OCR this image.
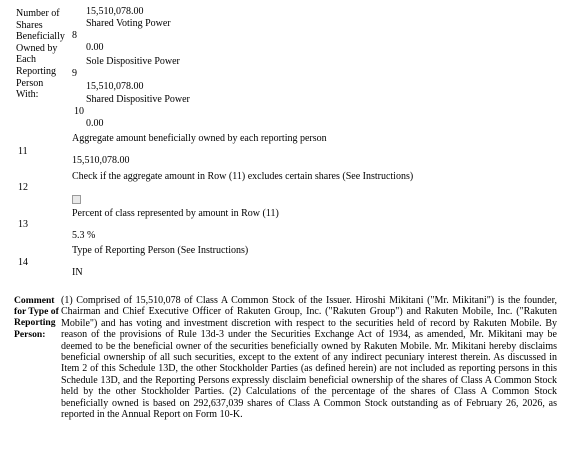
Number of
Shares
Beneficially
Owned by
Each
Reporting
Person
With:
15,510,078.00
Shared Voting Power
8
0.00
Sole Dispositive Power
9
15,510,078.00
Shared Dispositive Power
10
0.00
Aggregate amount beneficially owned by each reporting person
11
15,510,078.00
Check if the aggregate amount in Row (11) excludes certain shares (See Instructions)
12
Percent of class represented by amount in Row (11)
13
5.3 %
Type of Reporting Person (See Instructions)
14
IN
Comment for Type of Reporting Person:
(1) Comprised of 15,510,078 of Class A Common Stock of the Issuer. Hiroshi Mikitani ("Mr. Mikitani") is the founder, Chairman and Chief Executive Officer of Rakuten Group, Inc. ("Rakuten Group") and Rakuten Mobile, Inc. ("Rakuten Mobile") and has voting and investment discretion with respect to the securities held of record by Rakuten Mobile. By reason of the provisions of Rule 13d-3 under the Securities Exchange Act of 1934, as amended, Mr. Mikitani may be deemed to be the beneficial owner of the securities beneficially owned by Rakuten Mobile. Mr. Mikitani hereby disclaims beneficial ownership of all such securities, except to the extent of any indirect pecuniary interest therein. As discussed in Item 2 of this Schedule 13D, the other Stockholder Parties (as defined herein) are not included as reporting persons in this Schedule 13D, and the Reporting Persons expressly disclaim beneficial ownership of the shares of Class A Common Stock held by the other Stockholder Parties. (2) Calculations of the percentage of the shares of Class A Common Stock beneficially owned is based on 292,637,039 shares of Class A Common Stock outstanding as of February 26, 2026, as reported in the Annual Report on Form 10-K.
